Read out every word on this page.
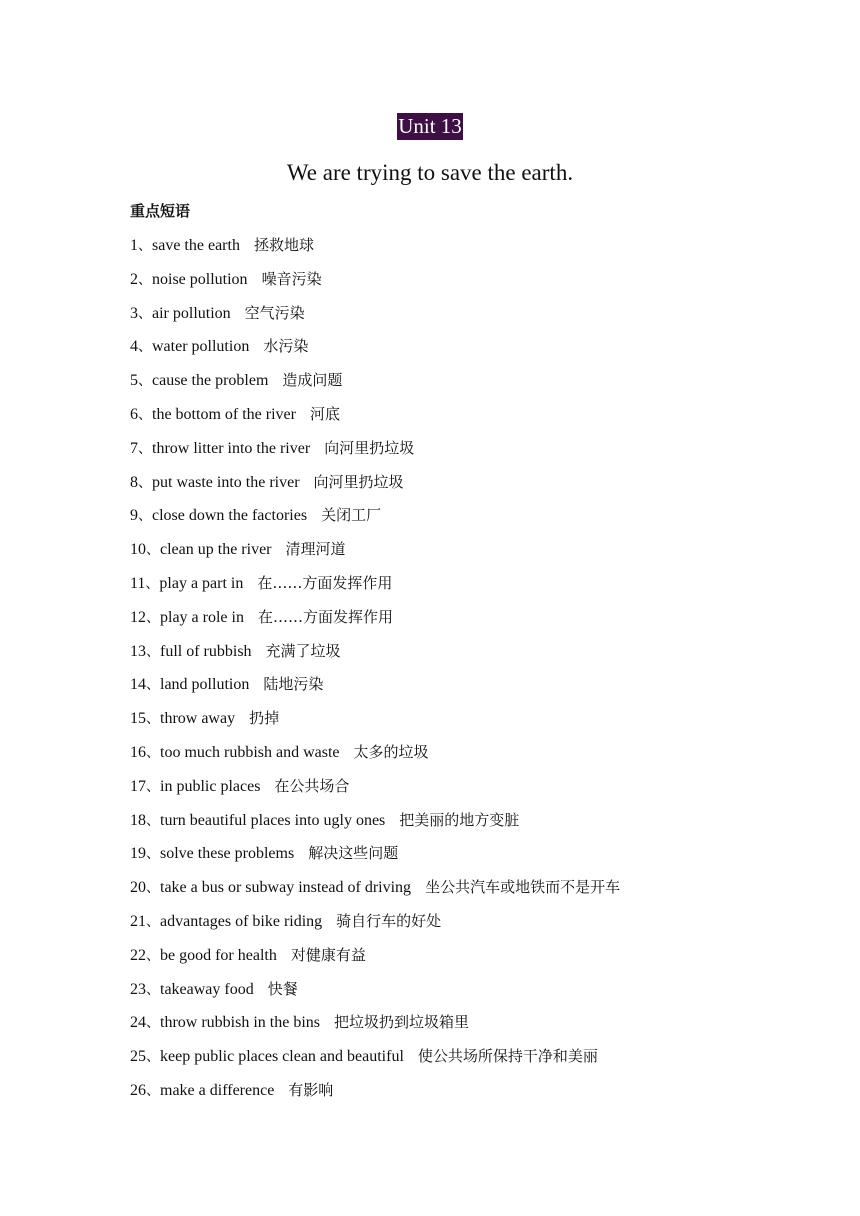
Unit 13
We are trying to save the earth.
重点短语
1、save the earth 拯救地球
2、noise pollution 噪音污染
3、air pollution 空气污染
4、water pollution 水污染
5、cause the problem 造成问题
6、the bottom of the river 河底
7、throw litter into the river 向河里扔垃圾
8、put waste into the river 向河里扔垃圾
9、close down the factories 关闭工厂
10、clean up the river 清理河道
11、play a part in 在……方面发挥作用
12、play a role in 在……方面发挥作用
13、full of rubbish 充满了垃圾
14、land pollution 陆地污染
15、throw away 扔掉
16、too much rubbish and waste 太多的垃圾
17、in public places 在公共场合
18、turn beautiful places into ugly ones 把美丽的地方变脏
19、solve these problems 解决这些问题
20、take a bus or subway instead of driving 坐公共汽车或地铁而不是开车
21、advantages of bike riding 骑自行车的好处
22、be good for health 对健康有益
23、takeaway food 快餐
24、throw rubbish in the bins 把垃圾扔到垃圾箱里
25、keep public places clean and beautiful 使公共场所保持干净和美丽
26、make a difference 有影响
